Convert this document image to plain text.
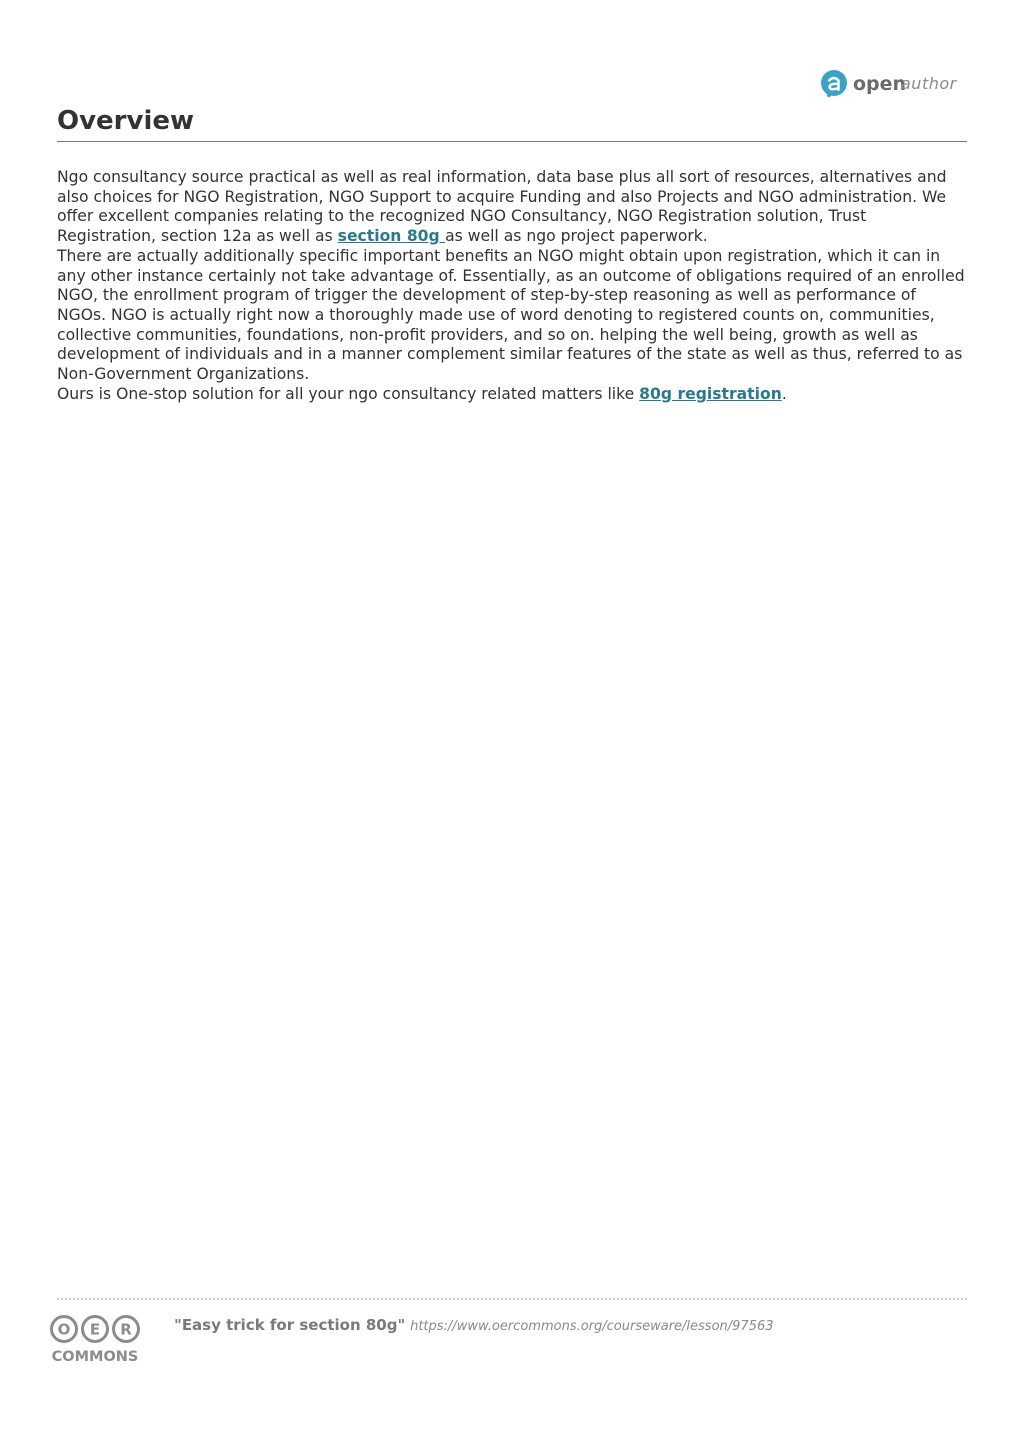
open
author
Overview

Ngo consultancy source practical as well as real information, data base plus all sort of resources, alternatives and also choices for NGO Registration, NGO Support to acquire Funding and also Projects and NGO administration. We offer excellent companies relating to the recognized NGO Consultancy, NGO Registration solution, Trust Registration, section 12a as well as section 80g as well as ngo project paperwork.

There are actually additionally specific important benefits an NGO might obtain upon registration, which it can in any other instance certainly not take advantage of. Essentially, as an outcome of obligations required of an enrolled NGO, the enrollment program of trigger the development of step-by-step reasoning as well as performance of NGOs. NGO is actually right now a thoroughly made use of word denoting to registered counts on, communities, collective communities, foundations, non-profit providers, and so on. helping the well being, growth as well as development of individuals and in a manner complement similar features of the state as well as thus, referred to as Non-Government Organizations.

Ours is One-stop solution for all your ngo consultancy related matters like 80g registration.

O E R
COMMONS
"Easy trick for section 80g" https://www.oercommons.org/courseware/lesson/97563
